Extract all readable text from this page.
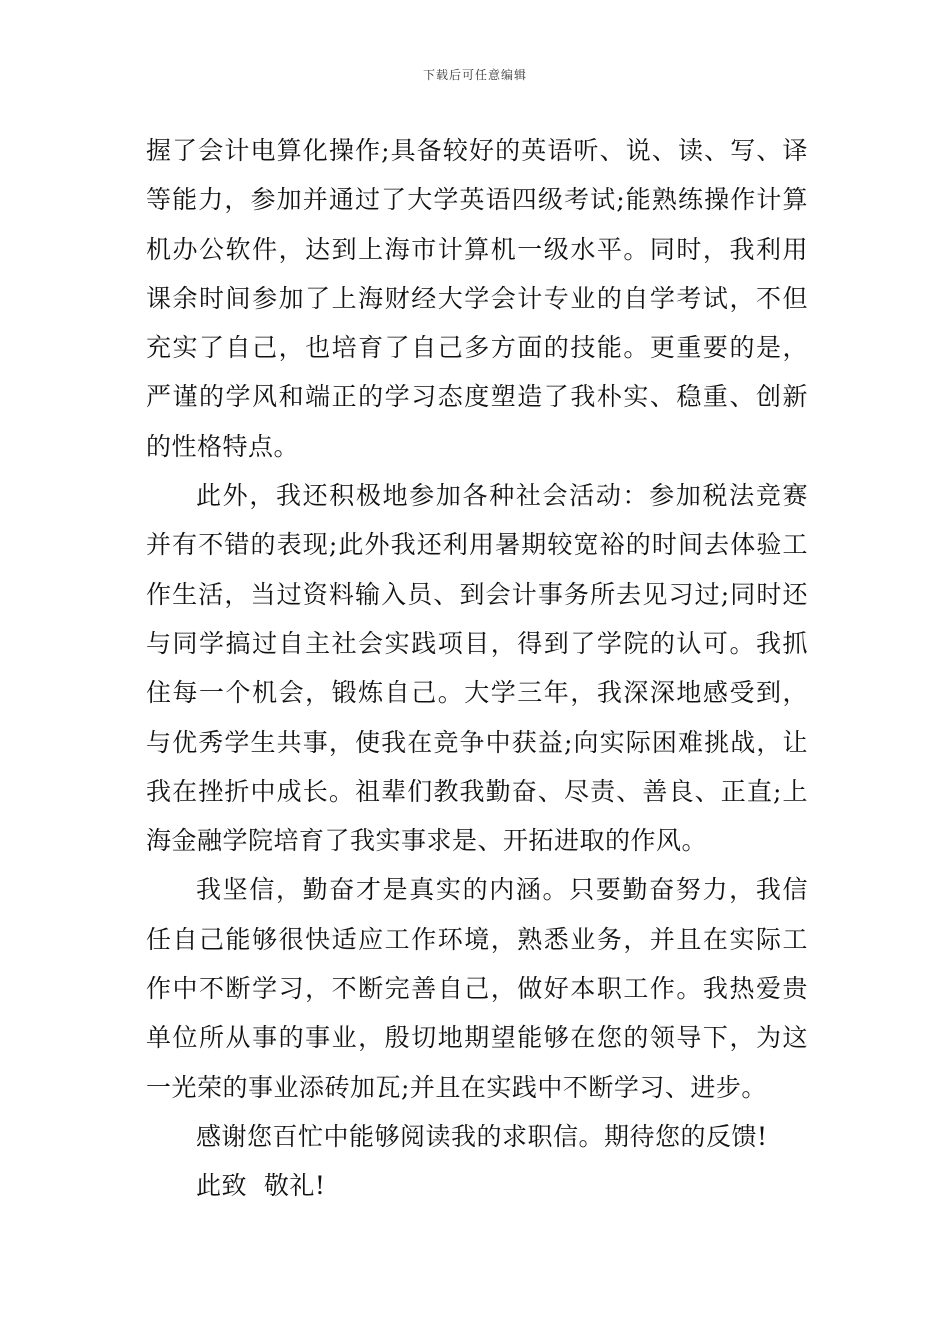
下载后可任意编辑
握了会计电算化操作;具备较好的英语听、说、读、写、译
等能力，参加并通过了大学英语四级考试;能熟练操作计算
机办公软件，达到上海市计算机一级水平。同时，我利用
课余时间参加了上海财经大学会计专业的自学考试，不但
充实了自己，也培育了自己多方面的技能。更重要的是，
严谨的学风和端正的学习态度塑造了我朴实、稳重、创新
的性格特点。
此外，我还积极地参加各种社会活动：参加税法竞赛
并有不错的表现;此外我还利用暑期较宽裕的时间去体验工
作生活，当过资料输入员、到会计事务所去见习过;同时还
与同学搞过自主社会实践项目，得到了学院的认可。我抓
住每一个机会，锻炼自己。大学三年，我深深地感受到，
与优秀学生共事，使我在竞争中获益;向实际困难挑战，让
我在挫折中成长。祖辈们教我勤奋、尽责、善良、正直;上
海金融学院培育了我实事求是、开拓进取的作风。
我坚信，勤奋才是真实的内涵。只要勤奋努力，我信
任自己能够很快适应工作环境，熟悉业务，并且在实际工
作中不断学习，不断完善自己，做好本职工作。我热爱贵
单位所从事的事业，殷切地期望能够在您的领导下，为这
一光荣的事业添砖加瓦;并且在实践中不断学习、进步。
感谢您百忙中能够阅读我的求职信。期待您的反馈!
此致  敬礼!
